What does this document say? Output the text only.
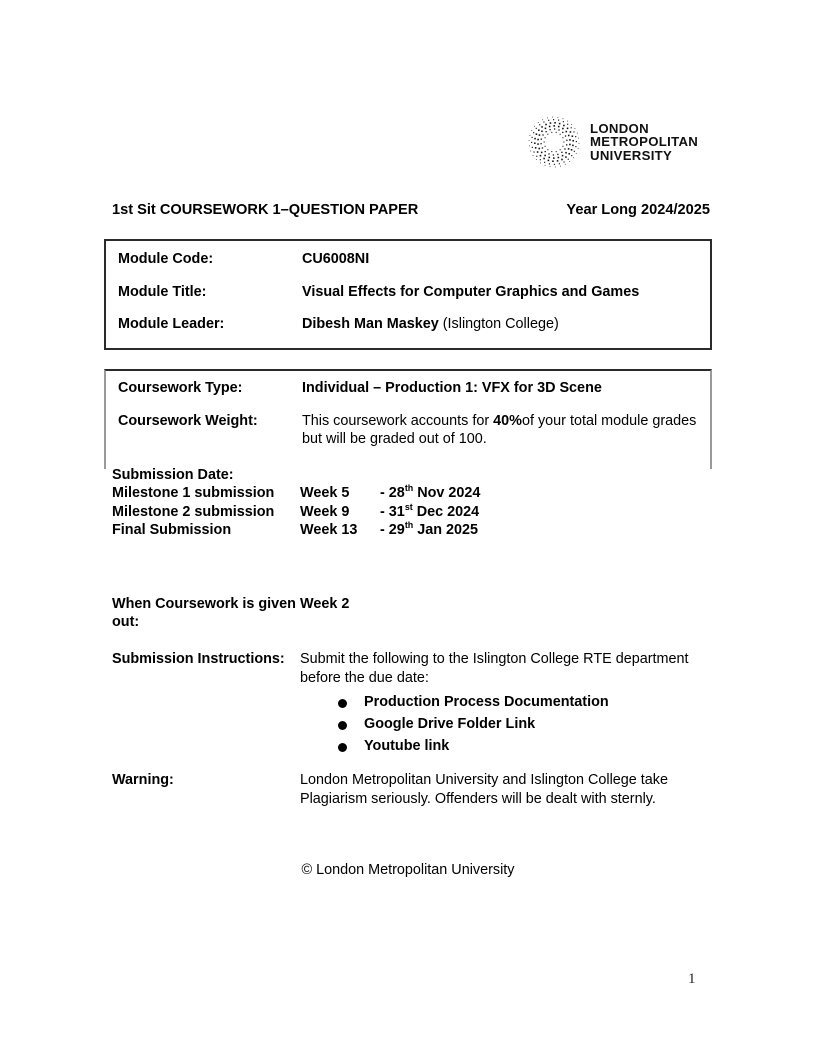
LONDON
METROPOLITAN
UNIVERSITY
1st Sit COURSEWORK 1–QUESTION PAPER	Year Long 2024/2025
Module Code:	CU6008NI
Module Title:	Visual Effects for Computer Graphics and Games
Module Leader:	Dibesh Man Maskey (Islington College)
Coursework Type:	Individual – Production 1: VFX for 3D Scene
Coursework Weight:	This coursework accounts for 40%of your total module grades but will be graded out of 100.
Submission Date:
Milestone 1 submission	Week 5	- 28th Nov 2024
Milestone 2 submission	Week 9	- 31st Dec 2024
Final Submission	Week 13	- 29th Jan 2025
When Coursework is given out:
Week 2
Submission Instructions:	Submit the following to the Islington College RTE department before the due date:
Production Process Documentation
Google Drive Folder Link
Youtube link
Warning:	London Metropolitan University and Islington College take Plagiarism seriously. Offenders will be dealt with sternly.
© London Metropolitan University
1
